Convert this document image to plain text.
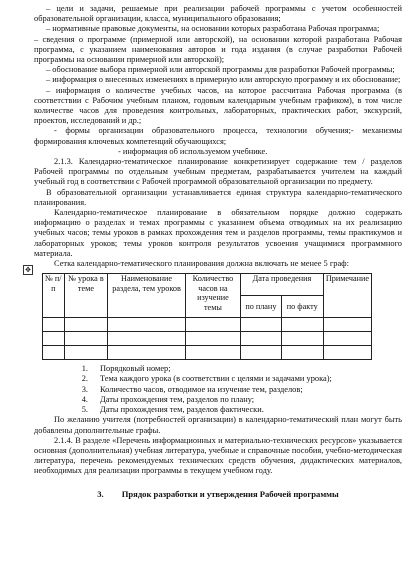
– цели и задачи, решаемые при реализации рабочей программы с учетом особенностей образовательной организации, класса, муниципального образования;

– нормативные правовые документы, на основании которых разработана Рабочая программа;

– сведения о программе (примерной или авторской), на основании которой разработана Рабочая программа, с указанием наименования авторов и года издания (в случае разработки Рабочей программы на основании примерной или авторской);

– обоснование выбора примерной или авторской программы для разработки Рабочей программы;

– информация о внесенных изменениях в примерную или авторскую программу и их обоснование;

– информация о количестве учебных часов, на которое рассчитана Рабочая программа (в соответствии с Рабочим учебным планом, годовым календарным учебным графиком), в том числе количестве часов для проведения контрольных, лабораторных, практических работ, экскурсий, проектов, исследований и др.;

- формы организации образовательного процесса, технологии обучения;- механизмы формирования ключевых компетенций обучающихся;

- информация об используемом учебнике.

2.1.3. Календарно-тематическое планирование конкретизирует содержание тем / разделов Рабочей программы по отдельным учебным предметам, разрабатывается учителем на каждый учебный год в соответствии с Рабочей программой образовательной организации по предмету.

В образовательной организации устанавливается единая структура календарно-тематического планирования.

Календарно-тематическое планирование в обязательном порядке должно содержать информацию о разделах и темах программы с указанием объема отводимых на их реализацию учебных часов; темы уроков в рамках прохождения тем и разделов программы, темы практикумов и лабораторных уроков; темы уроков контроля результатов усвоения учащимися программного материала.

Сетка календарно-тематического планирования должна включать не менее 5 граф:

✥
№ п/п	№ урока в теме	Наименование раздела, тем уроков	Количество часов на изучение темы	Дата проведения		Примечание
				по плану	по факту	

1.	Порядковый номер;
2.	Тема каждого урока (в соответствии с целями и задачами урока);
3.	Количество часов, отводимое на изучение тем, разделов;
4.	Даты прохождения тем, разделов по плану;
5.	Даты прохождения тем, разделов фактически.

По желанию учителя (потребностей организации) в календарно-тематический план могут быть добавлены дополнительные графы.

2.1.4. В разделе «Перечень информационных и материально-технических ресурсов» указывается основная (дополнительная) учебная литература, учебные и справочные пособия, учебно-методическая литература, перечень рекомендуемых технических средств обучения, дидактических материалов, необходимых для реализации программы в текущем учебном году.

3. Прядок разработки и утверждения Рабочей программы
